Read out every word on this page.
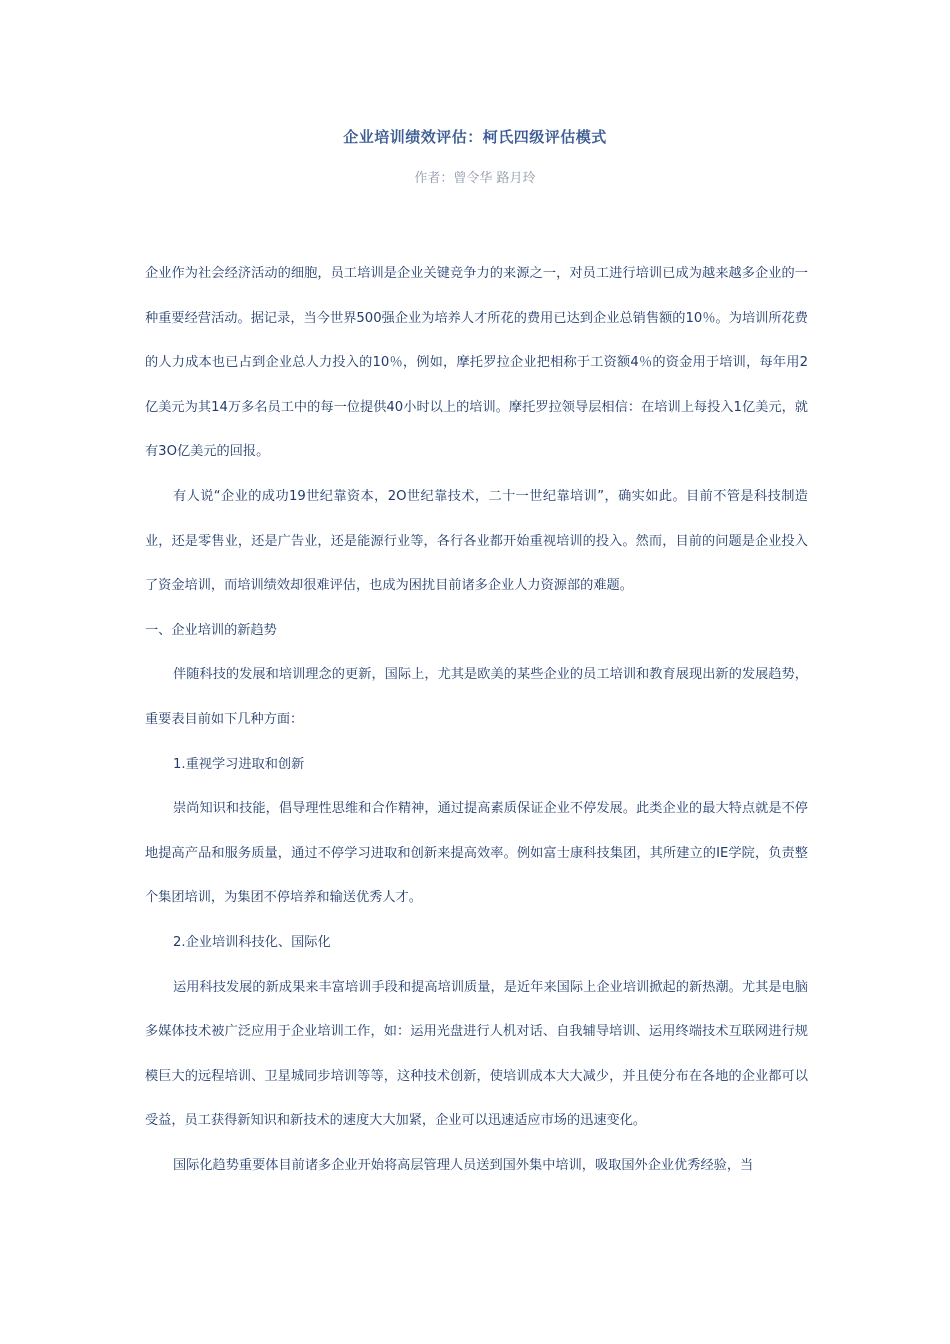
企业培训绩效评估：柯氏四级评估模式
作者：曾令华 路月玲

企业作为社会经济活动的细胞，员工培训是企业关键竞争力的来源之一，对员工进行培训已成为越来越多企业的一种重要经营活动。据记录，当今世界500强企业为培养人才所花的费用已达到企业总销售额的10％。为培训所花费的人力成本也已占到企业总人力投入的10％，例如，摩托罗拉企业把相称于工资额4％的资金用于培训，每年用2亿美元为其14万多名员工中的每一位提供40小时以上的培训。摩托罗拉领导层相信：在培训上每投入1亿美元，就有3O亿美元的回报。

有人说“企业的成功19世纪靠资本，2O世纪靠技术，二十一世纪靠培训”，确实如此。目前不管是科技制造业，还是零售业，还是广告业，还是能源行业等，各行各业都开始重视培训的投入。然而，目前的问题是企业投入了资金培训，而培训绩效却很难评估，也成为困扰目前诸多企业人力资源部的难题。

一、企业培训的新趋势

伴随科技的发展和培训理念的更新，国际上，尤其是欧美的某些企业的员工培训和教育展现出新的发展趋势，重要表目前如下几种方面：

1.重视学习进取和创新

崇尚知识和技能，倡导理性思维和合作精神，通过提高素质保证企业不停发展。此类企业的最大特点就是不停地提高产品和服务质量，通过不停学习进取和创新来提高效率。例如富士康科技集团，其所建立的IE学院，负责整个集团培训，为集团不停培养和输送优秀人才。

2.企业培训科技化、国际化

运用科技发展的新成果来丰富培训手段和提高培训质量，是近年来国际上企业培训掀起的新热潮。尤其是电脑多媒体技术被广泛应用于企业培训工作，如：运用光盘进行人机对话、自我辅导培训、运用终端技术互联网进行规模巨大的远程培训、卫星城同步培训等等，这种技术创新，使培训成本大大减少，并且使分布在各地的企业都可以受益，员工获得新知识和新技术的速度大大加紧，企业可以迅速适应市场的迅速变化。

国际化趋势重要体目前诸多企业开始将高层管理人员送到国外集中培训，吸取国外企业优秀经验，当
